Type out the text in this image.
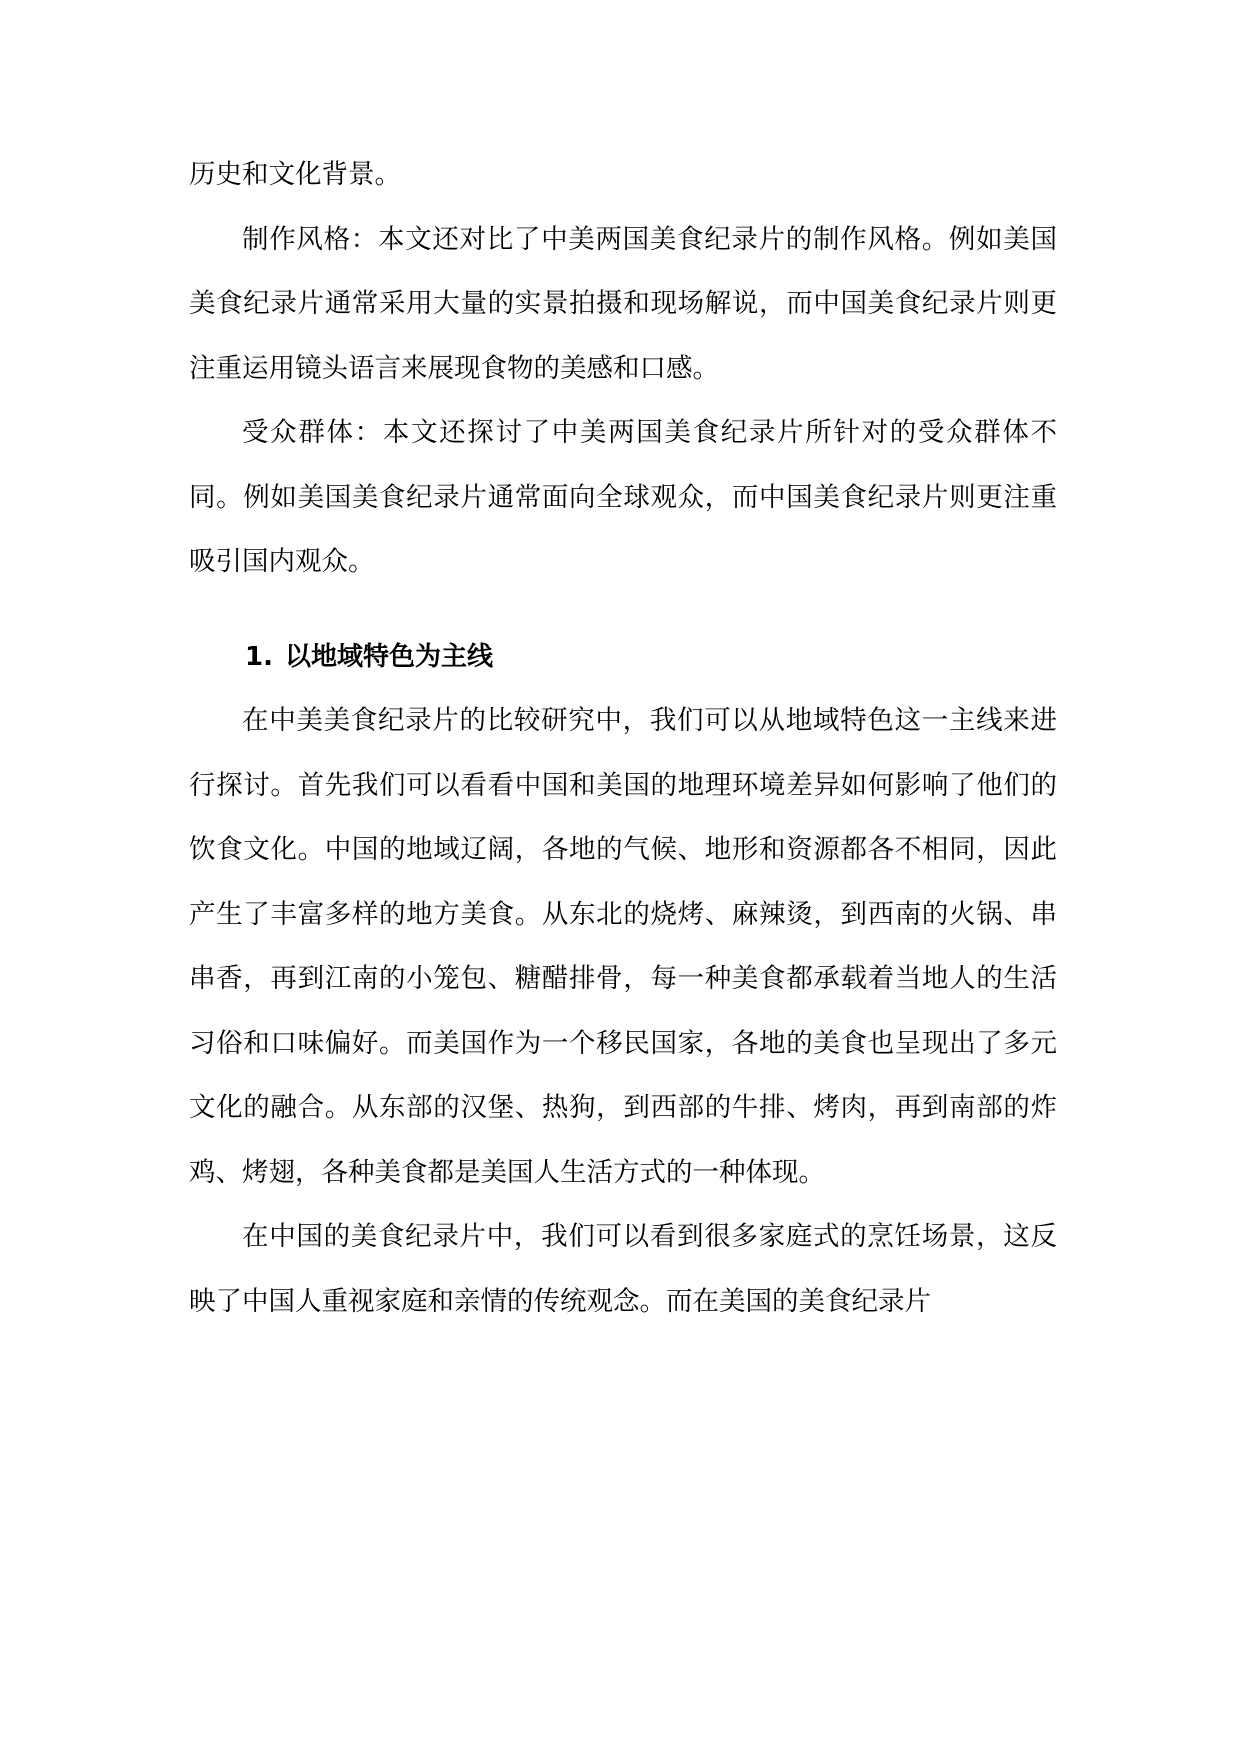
历史和文化背景。

制作风格：本文还对比了中美两国美食纪录片的制作风格。例如美国美食纪录片通常采用大量的实景拍摄和现场解说，而中国美食纪录片则更注重运用镜头语言来展现食物的美感和口感。

受众群体：本文还探讨了中美两国美食纪录片所针对的受众群体不同。例如美国美食纪录片通常面向全球观众，而中国美食纪录片则更注重吸引国内观众。

1. 以地域特色为主线

在中美美食纪录片的比较研究中，我们可以从地域特色这一主线来进行探讨。首先我们可以看看中国和美国的地理环境差异如何影响了他们的饮食文化。中国的地域辽阔，各地的气候、地形和资源都各不相同，因此产生了丰富多样的地方美食。从东北的烧烤、麻辣烫，到西南的火锅、串串香，再到江南的小笼包、糖醋排骨，每一种美食都承载着当地人的生活习俗和口味偏好。而美国作为一个移民国家，各地的美食也呈现出了多元文化的融合。从东部的汉堡、热狗，到西部的牛排、烤肉，再到南部的炸鸡、烤翅，各种美食都是美国人生活方式的一种体现。

在中国的美食纪录片中，我们可以看到很多家庭式的烹饪场景，这反映了中国人重视家庭和亲情的传统观念。而在美国的美食纪录片
